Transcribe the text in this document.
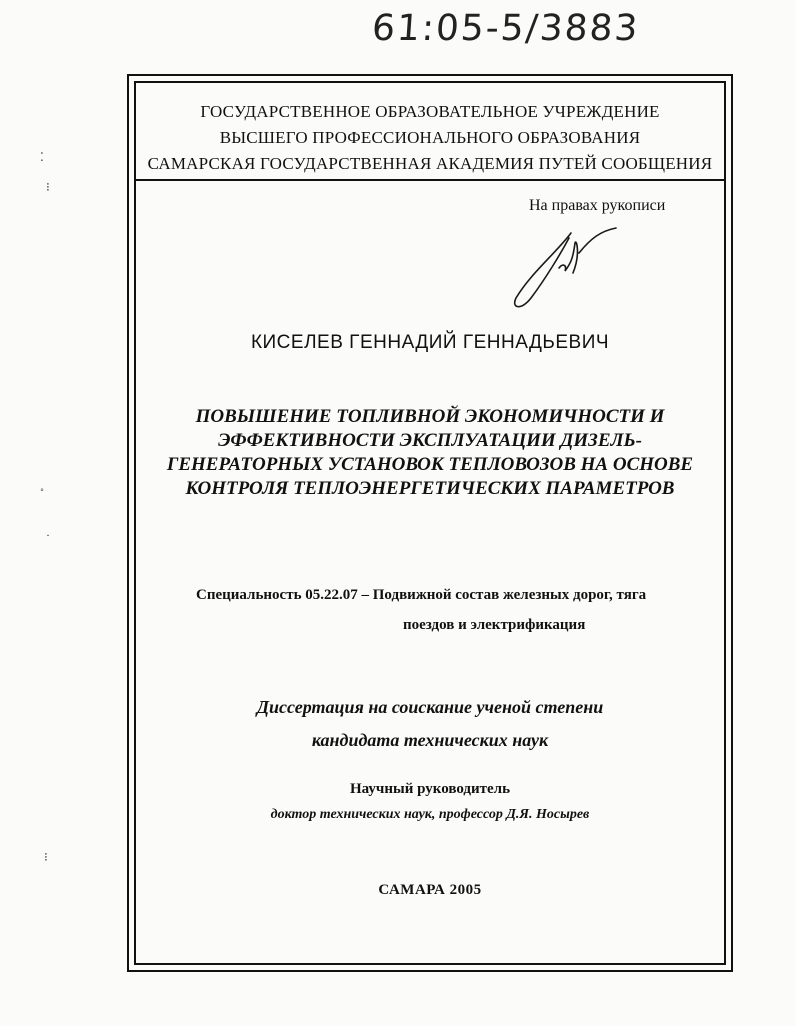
61:05-5/3883
⁚
⁝
˚
·
⁝
ГОСУДАРСТВЕННОЕ ОБРАЗОВАТЕЛЬНОЕ УЧРЕЖДЕНИЕ
ВЫСШЕГО ПРОФЕССИОНАЛЬНОГО ОБРАЗОВАНИЯ
САМАРСКАЯ ГОСУДАРСТВЕННАЯ АКАДЕМИЯ ПУТЕЙ СООБЩЕНИЯ
На правах рукописи
КИСЕЛЕВ ГЕННАДИЙ ГЕННАДЬЕВИЧ
ПОВЫШЕНИЕ ТОПЛИВНОЙ ЭКОНОМИЧНОСТИ И
ЭФФЕКТИВНОСТИ ЭКСПЛУАТАЦИИ ДИЗЕЛЬ-
ГЕНЕРАТОРНЫХ УСТАНОВОК ТЕПЛОВОЗОВ НА ОСНОВЕ
КОНТРОЛЯ ТЕПЛОЭНЕРГЕТИЧЕСКИХ ПАРАМЕТРОВ
Специальность 05.22.07 – Подвижной состав железных дорог, тяга
поездов и электрификация
Диссертация на соискание ученой степени
кандидата технических наук
Научный руководитель
доктор технических наук, профессор Д.Я. Носырев
САМАРА 2005
